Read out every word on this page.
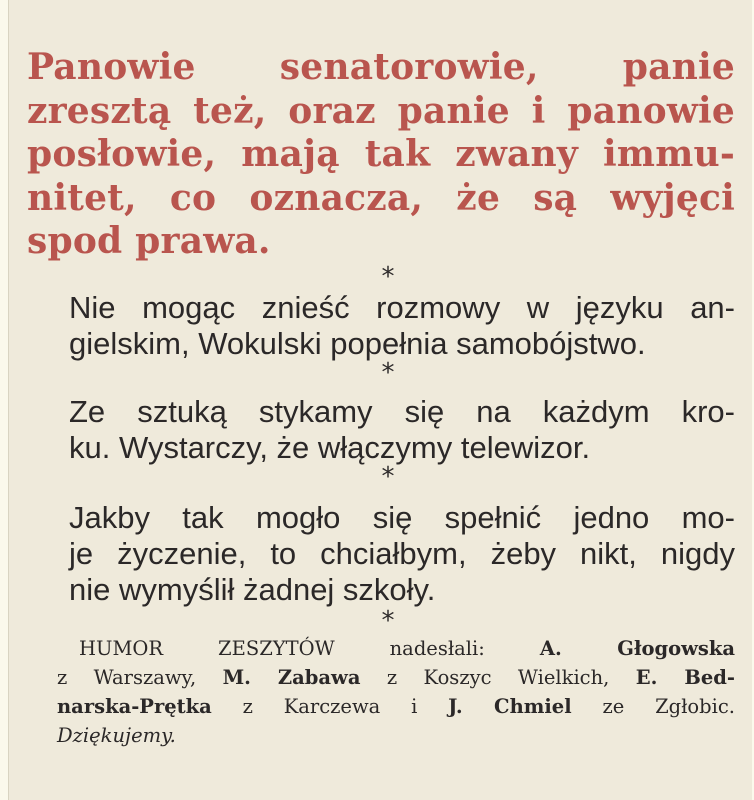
Panowie senatorowie, panie
zresztą też, oraz panie i panowie
posłowie, mają tak zwany immu-
nitet, co oznacza, że są wyjęci
spod prawa.

*

Nie mogąc znieść rozmowy w języku an-
gielskim, Wokulski popełnia samobójstwo.

*

Ze sztuką stykamy się na każdym kro-
ku. Wystarczy, że włączymy telewizor.

*

Jakby tak mogło się spełnić jedno mo-
je życzenie, to chciałbym, żeby nikt, nigdy
nie wymyślił żadnej szkoły.

*

HUMOR ZESZYTÓW nadesłali: A. Głogowska
z Warszawy, M. Zabawa z Koszyc Wielkich, E. Bed-
narska-Prętka z Karczewa i J. Chmiel ze Zgłobic.
Dziękujemy.
